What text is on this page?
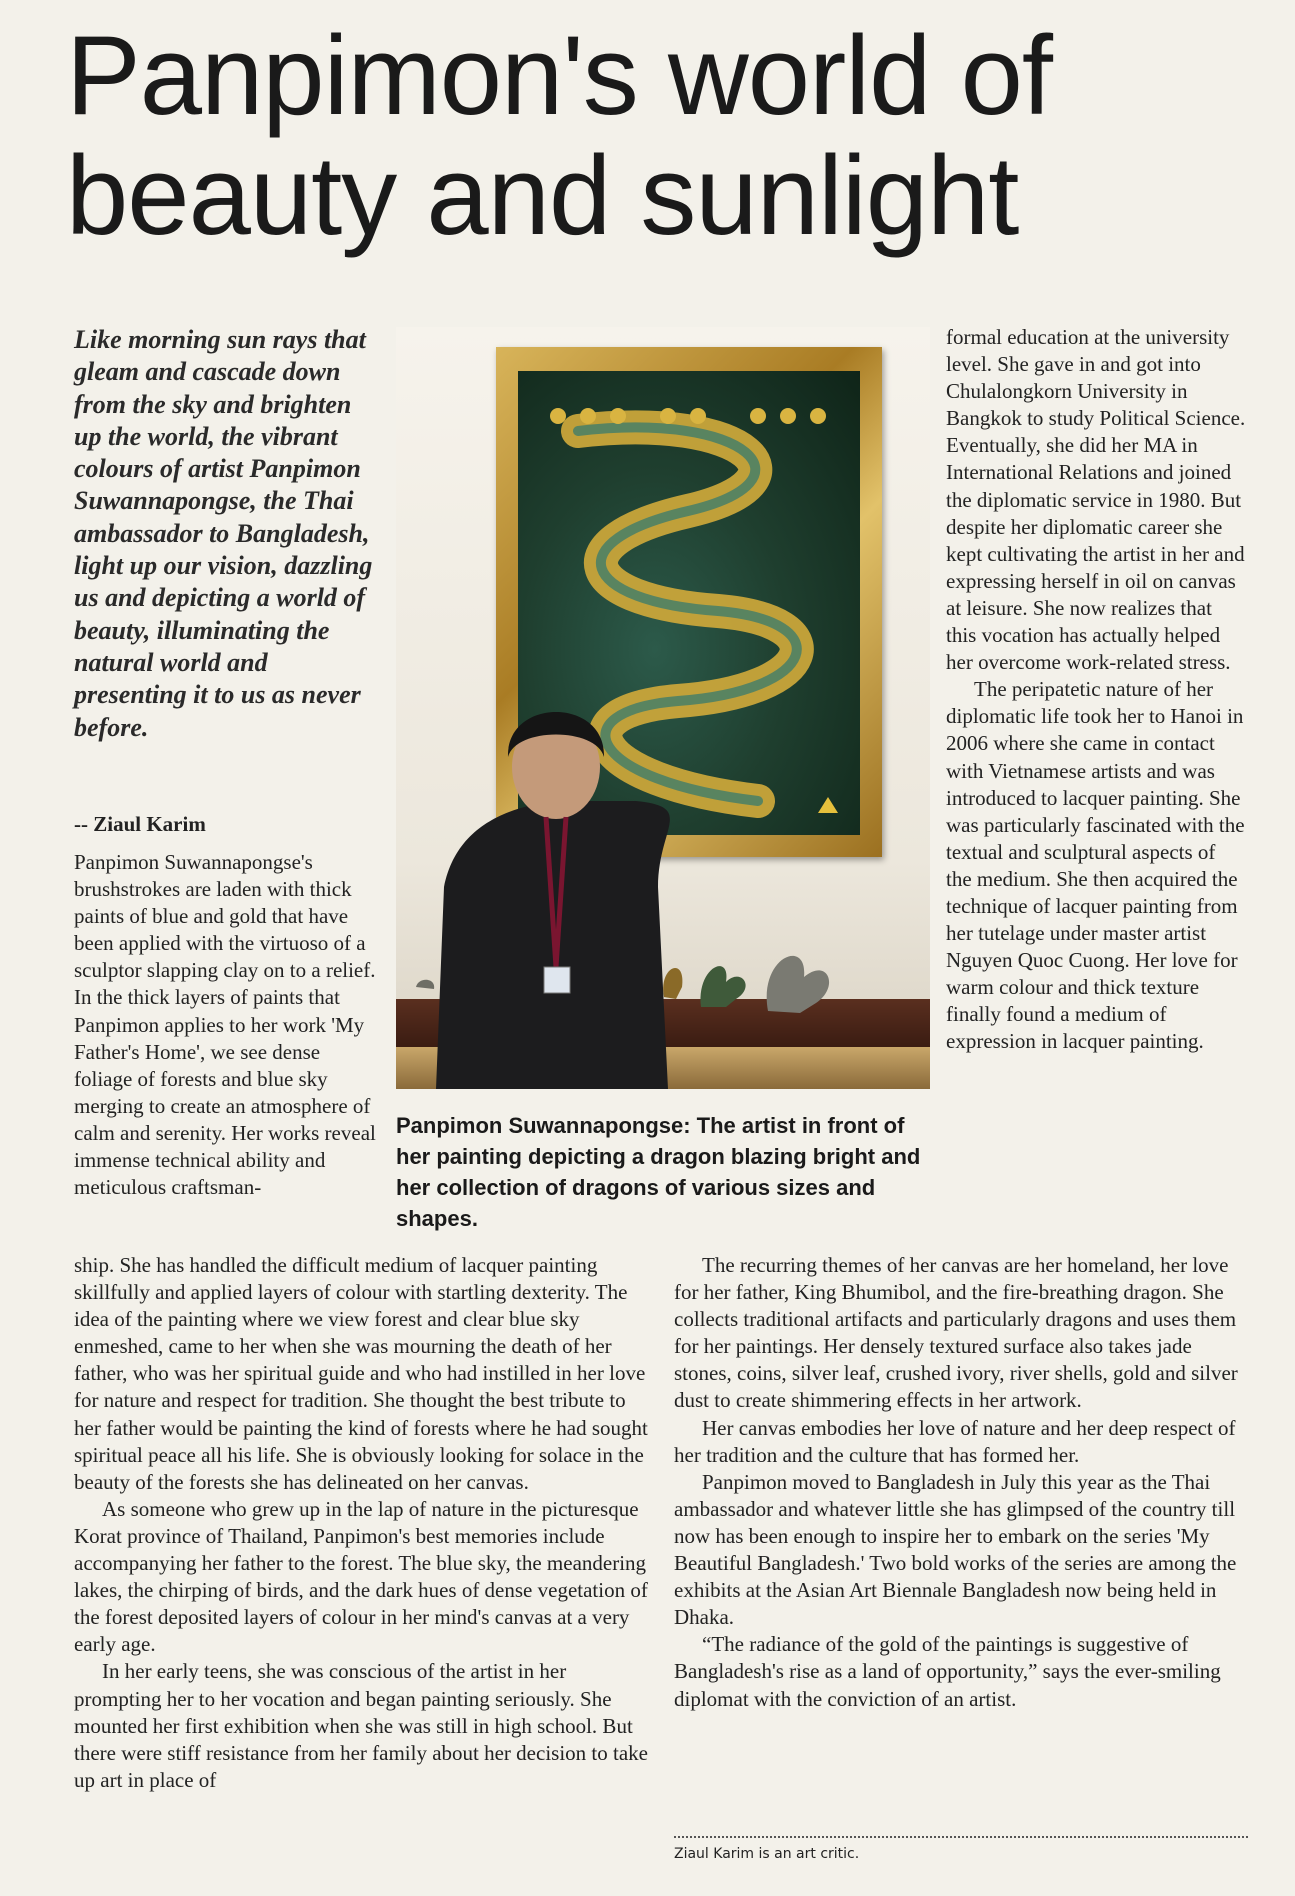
Panpimon's world of
beauty and sunlight

Like morning sun rays that gleam and cascade down from the sky and brighten up the world, the vibrant colours of artist Panpimon Suwannapongse, the Thai ambassador to Bangladesh, light up our vision, dazzling us and depicting a world of beauty, illuminating the natural world and presenting it to us as never before.

-- Ziaul Karim

Panpimon Suwannapongse's brushstrokes are laden with thick paints of blue and gold that have been applied with the virtuoso of a sculptor slapping clay on to a relief. In the thick layers of paints that Panpimon applies to her work 'My Father's Home', we see dense foliage of forests and blue sky merging to create an atmosphere of calm and serenity. Her works reveal immense technical ability and meticulous craftsman-

Panpimon Suwannapongse: The artist in front of her painting depicting a dragon blazing bright and her collection of dragons of various sizes and shapes.

formal education at the university level. She gave in and got into Chulalongkorn University in Bangkok to study Political Science. Eventually, she did her MA in International Relations and joined the diplomatic service in 1980. But despite her diplomatic career she kept cultivating the artist in her and expressing herself in oil on canvas at leisure. She now realizes that this vocation has actually helped her overcome work-related stress.

The peripatetic nature of her diplomatic life took her to Hanoi in 2006 where she came in contact with Vietnamese artists and was introduced to lacquer painting. She was particularly fascinated with the textual and sculptural aspects of the medium. She then acquired the technique of lacquer painting from her tutelage under master artist Nguyen Quoc Cuong. Her love for warm colour and thick texture finally found a medium of expression in lacquer painting.

ship. She has handled the difficult medium of lacquer painting skillfully and applied layers of colour with startling dexterity. The idea of the painting where we view forest and clear blue sky enmeshed, came to her when she was mourning the death of her father, who was her spiritual guide and who had instilled in her love for nature and respect for tradition. She thought the best tribute to her father would be painting the kind of forests where he had sought spiritual peace all his life. She is obviously looking for solace in the beauty of the forests she has delineated on her canvas.

As someone who grew up in the lap of nature in the picturesque Korat province of Thailand, Panpimon's best memories include accompanying her father to the forest. The blue sky, the meandering lakes, the chirping of birds, and the dark hues of dense vegetation of the forest deposited layers of colour in her mind's canvas at a very early age.

In her early teens, she was conscious of the artist in her prompting her to her vocation and began painting seriously. She mounted her first exhibition when she was still in high school. But there were stiff resistance from her family about her decision to take up art in place of

The recurring themes of her canvas are her homeland, her love for her father, King Bhumibol, and the fire-breathing dragon. She collects traditional artifacts and particularly dragons and uses them for her paintings. Her densely textured surface also takes jade stones, coins, silver leaf, crushed ivory, river shells, gold and silver dust to create shimmering effects in her artwork.

Her canvas embodies her love of nature and her deep respect of her tradition and the culture that has formed her.

Panpimon moved to Bangladesh in July this year as the Thai ambassador and whatever little she has glimpsed of the country till now has been enough to inspire her to embark on the series 'My Beautiful Bangladesh.' Two bold works of the series are among the exhibits at the Asian Art Biennale Bangladesh now being held in Dhaka.

“The radiance of the gold of the paintings is suggestive of Bangladesh's rise as a land of opportunity,” says the ever-smiling diplomat with the conviction of an artist.

Ziaul Karim is an art critic.
